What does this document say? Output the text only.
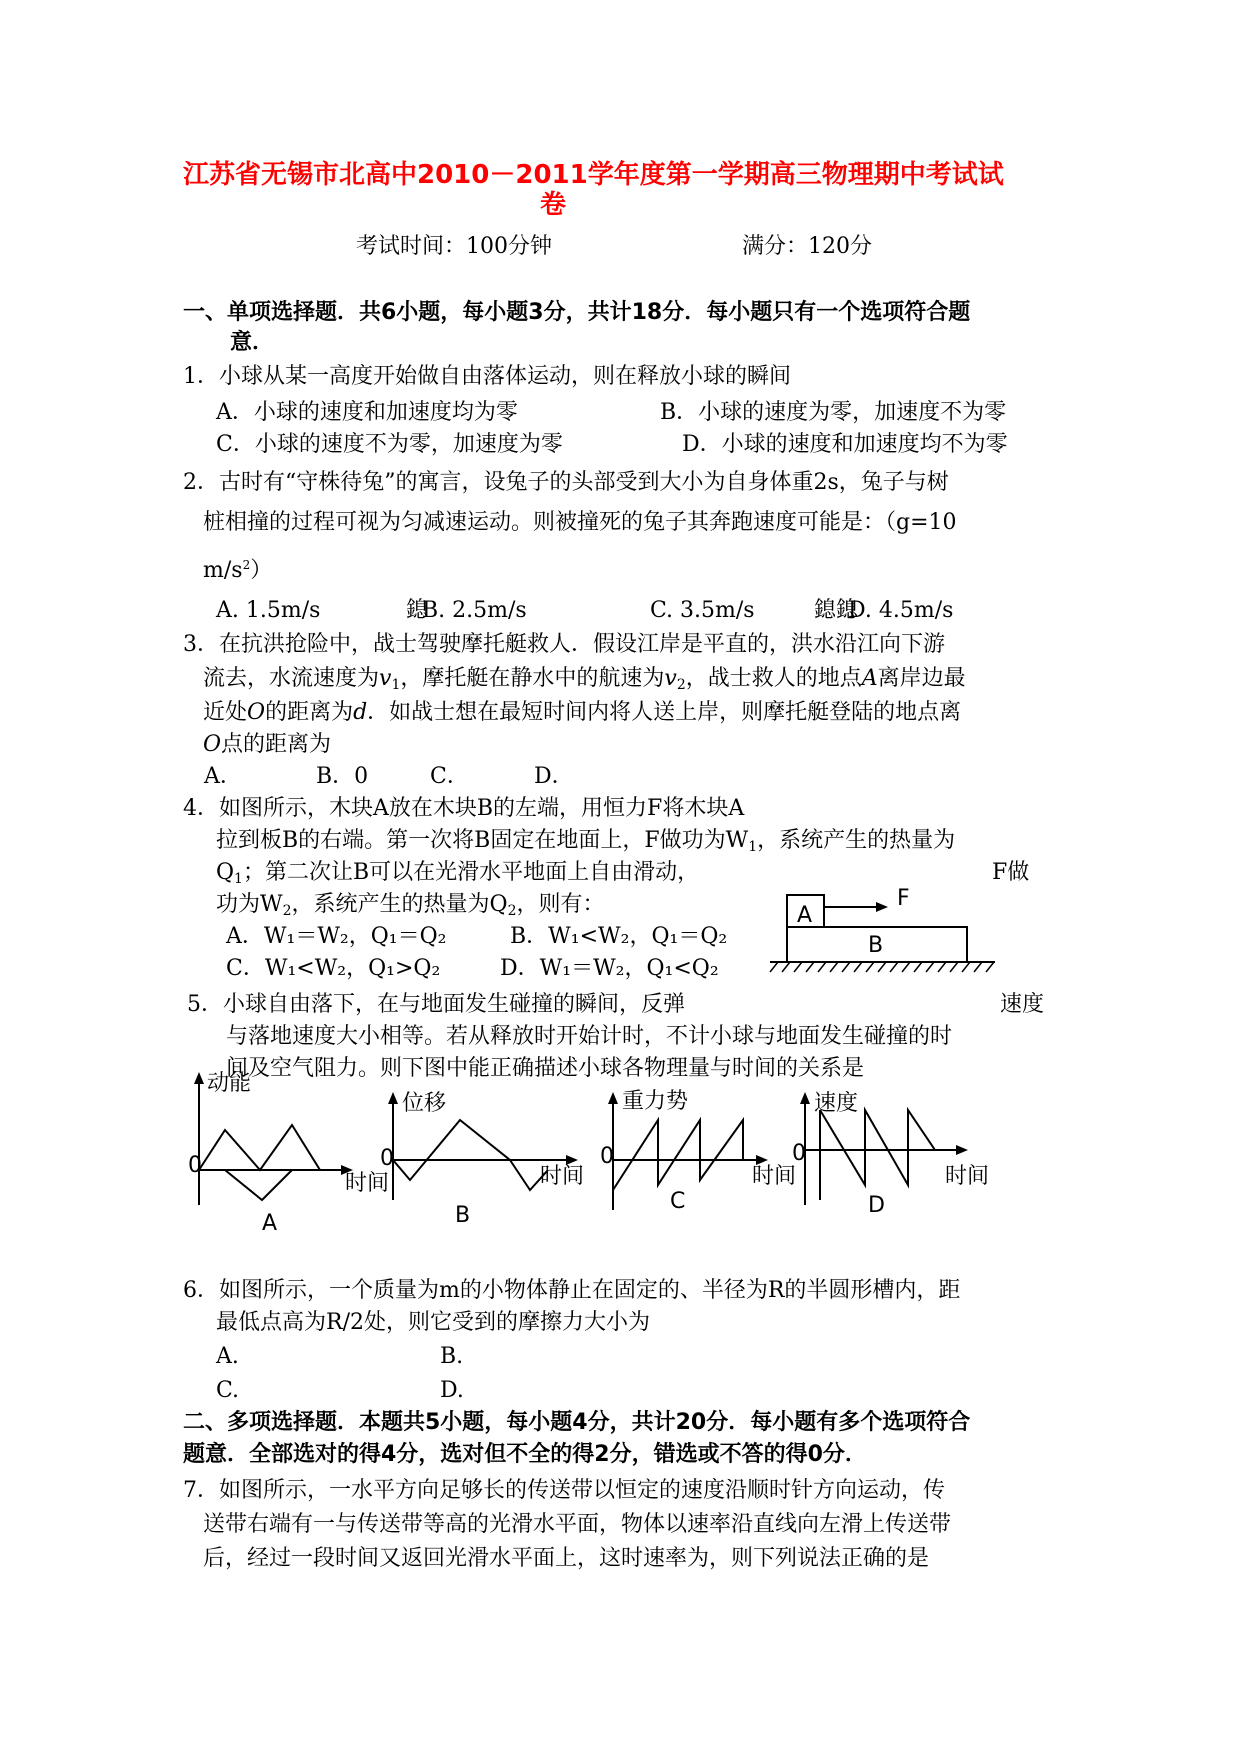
江苏省无锡市北高中2010－2011学年度第一学期高三物理期中考试试
卷
考试时间：100分钟	满分：120分
一、单项选择题．共6小题，每小题3分，共计18分．每小题只有一个选项符合题
意．
1．小球从某一高度开始做自由落体运动，则在释放小球的瞬间
A．小球的速度和加速度均为零	B．小球的速度为零，加速度不为零
C．小球的速度不为零，加速度为零	D．小球的速度和加速度均不为零
2．古时有“守株待兔”的寓言，设兔子的头部受到大小为自身体重2s，兔子与树
桩相撞的过程可视为匀减速运动。则被撞死的兔子其奔跑速度可能是：（g=10
$m/s^2$）
A. 1.5m/s	鎴
B. 2.5m/s	C. 3.5m/s	鎴鎴
D. 4.5m/s
3．在抗洪抢险中，战士驾驶摩托艇救人．假设江岸是平直的，洪水沿江向下游
流去，水流速度为$v_1$，摩托艇在静水中的航速为$v_2$，战士救人的地点A离岸边最
近处O的距离为d．如战士想在最短时间内将人送上岸，则摩托艇登陆的地点离
O点的距离为
A．	B．0	C．	D．
4．如图所示，木块A放在木块B的左端，用恒力F将木块A
拉到板B的右端。第一次将B固定在地面上，F做功为$W_1$，系统产生的热量为
$Q_1$；第二次让B可以在光滑水平地面上自由滑动，	F做
功为$W_2$，系统产生的热量为$Q_2$，则有：
A．W₁＝W₂，Q₁＝Q₂	B．W₁<W₂，Q₁＝Q₂
C．W₁<W₂，Q₁>Q₂	D．W₁＝W₂，Q₁<Q₂
F
A
B
5．小球自由落下，在与地面发生碰撞的瞬间，反弹	速度
与落地速度大小相等。若从释放时开始计时，不计小球与地面发生碰撞的时
间及空气阻力。则下图中能正确描述小球各物理量与时间的关系是
动能
时间
0
A
位移
时间
0
B
重力势
时间
0
C
速度
时间
0
D
6．如图所示，一个质量为m的小物体静止在固定的、半径为R的半圆形槽内，距
最低点高为R/2处，则它受到的摩擦力大小为
A.	B.
C.	D.
二、多项选择题．本题共5小题，每小题4分，共计20分．每小题有多个选项符合
题意．全部选对的得4分，选对但不全的得2分，错选或不答的得0分．
7．如图所示，一水平方向足够长的传送带以恒定的速度沿顺时针方向运动，传
送带右端有一与传送带等高的光滑水平面，物体以速率沿直线向左滑上传送带
后，经过一段时间又返回光滑水平面上，这时速率为，则下列说法正确的是
